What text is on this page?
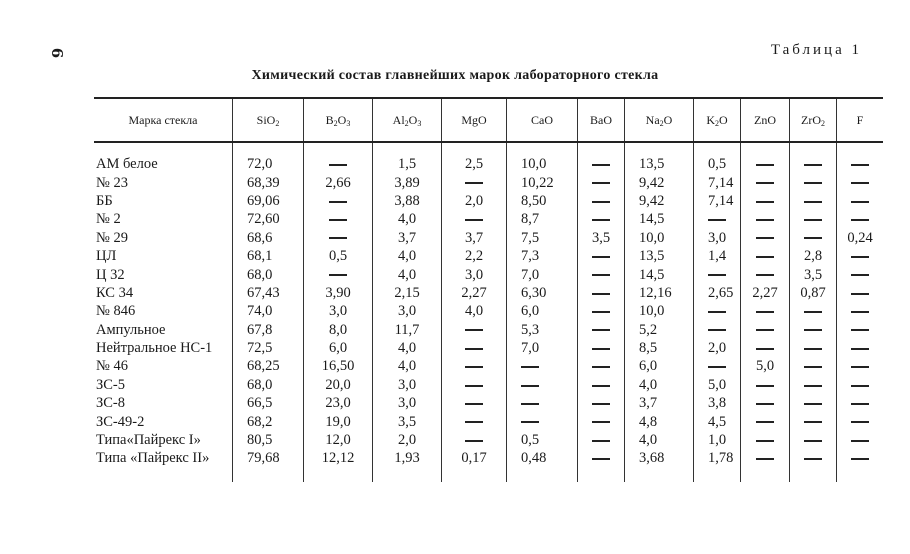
6	Таблица 1
Химический состав главнейших марок лабораторного стекла
Марка стекла	SiO$_2$	$B_2O_3$	$Al_2O_3$	MgO	CaO	BaO	$Na_2O$	$K_2O$	ZnO	ZrO$_2$	F

АМ белое	72,0		1,5	2,5	10,0		13,5	0,5			
№ 23	68,39	2,66	3,89		10,22		9,42	7,14			
ББ	69,06		3,88	2,0	8,50		9,42	7,14			
№ 2	72,60		4,0		8,7		14,5				
№ 29	68,6		3,7	3,7	7,5	3,5	10,0	3,0			0,24
ЦЛ	68,1	0,5	4,0	2,2	7,3		13,5	1,4		2,8	
Ц 32	68,0		4,0	3,0	7,0		14,5			3,5	
КС 34	67,43	3,90	2,15	2,27	6,30		12,16	2,65	2,27	0,87	
№ 846	74,0	3,0	3,0	4,0	6,0		10,0				
Ампульное	67,8	8,0	11,7		5,3		5,2				
Нейтральное НС-1	72,5	6,0	4,0		7,0		8,5	2,0			
№ 46	68,25	16,50	4,0				6,0		5,0		
ЗС-5	68,0	20,0	3,0				4,0	5,0			
ЗС-8	66,5	23,0	3,0				3,7	3,8			
ЗС-49-2	68,2	19,0	3,5				4,8	4,5			
Типа«Пайрекс I»	80,5	12,0	2,0		0,5		4,0	1,0			
Типа «Пайрекс II»	79,68	12,12	1,93	0,17	0,48		3,68	1,78			
